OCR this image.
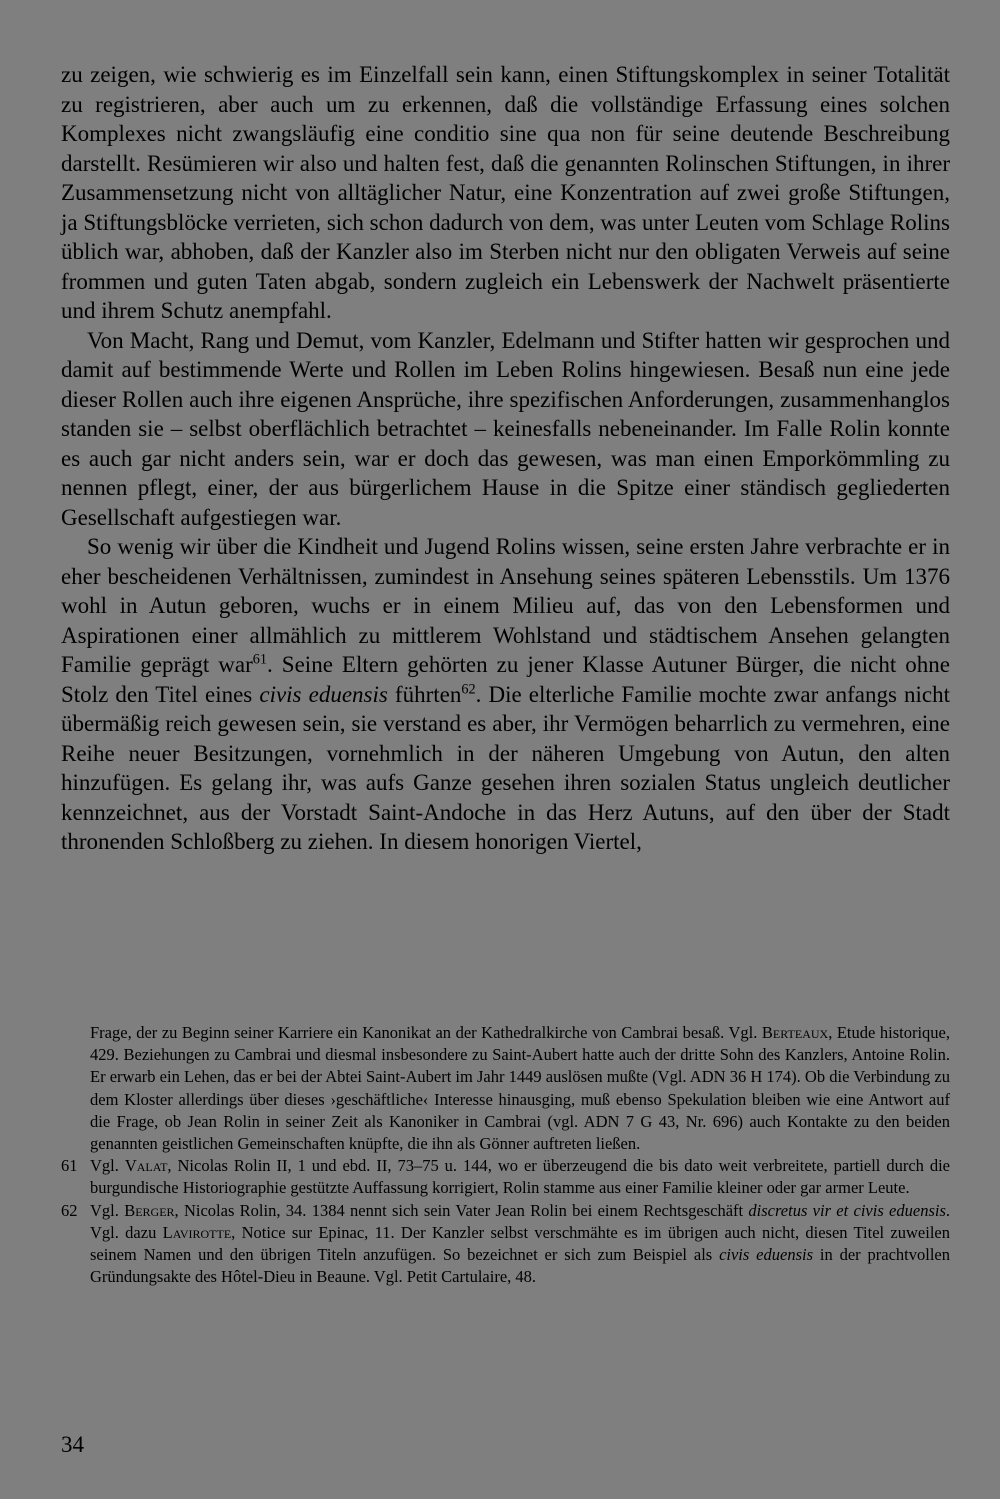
zu zeigen, wie schwierig es im Einzelfall sein kann, einen Stiftungskomplex in seiner Totalität zu registrieren, aber auch um zu erkennen, daß die vollständige Erfassung eines solchen Komplexes nicht zwangsläufig eine conditio sine qua non für seine deutende Beschreibung darstellt. Resümieren wir also und halten fest, daß die genannten Rolinschen Stiftungen, in ihrer Zusammensetzung nicht von alltäglicher Natur, eine Konzentration auf zwei große Stiftungen, ja Stiftungsblöcke verrieten, sich schon dadurch von dem, was unter Leuten vom Schlage Rolins üblich war, abhoben, daß der Kanzler also im Sterben nicht nur den obligaten Verweis auf seine frommen und guten Taten abgab, sondern zugleich ein Lebenswerk der Nachwelt präsentierte und ihrem Schutz anempfahl.

Von Macht, Rang und Demut, vom Kanzler, Edelmann und Stifter hatten wir gesprochen und damit auf bestimmende Werte und Rollen im Leben Rolins hingewiesen. Besaß nun eine jede dieser Rollen auch ihre eigenen Ansprüche, ihre spezifischen Anforderungen, zusammenhanglos standen sie – selbst oberflächlich betrachtet – keinesfalls nebeneinander. Im Falle Rolin konnte es auch gar nicht anders sein, war er doch das gewesen, was man einen Emporkömmling zu nennen pflegt, einer, der aus bürgerlichem Hause in die Spitze einer ständisch gegliederten Gesellschaft aufgestiegen war.

So wenig wir über die Kindheit und Jugend Rolins wissen, seine ersten Jahre verbrachte er in eher bescheidenen Verhältnissen, zumindest in Ansehung seines späteren Lebensstils. Um 1376 wohl in Autun geboren, wuchs er in einem Milieu auf, das von den Lebensformen und Aspirationen einer allmählich zu mittlerem Wohlstand und städtischem Ansehen gelangten Familie geprägt war$^{61}$. Seine Eltern gehörten zu jener Klasse Autuner Bürger, die nicht ohne Stolz den Titel eines civis eduensis führten$^{62}$. Die elterliche Familie mochte zwar anfangs nicht übermäßig reich gewesen sein, sie verstand es aber, ihr Vermögen beharrlich zu vermehren, eine Reihe neuer Besitzungen, vornehmlich in der näheren Umgebung von Autun, den alten hinzufügen. Es gelang ihr, was aufs Ganze gesehen ihren sozialen Status ungleich deutlicher kennzeichnet, aus der Vorstadt Saint-Andoche in das Herz Autuns, auf den über der Stadt thronenden Schloßberg zu ziehen. In diesem honorigen Viertel,

Frage, der zu Beginn seiner Karriere ein Kanonikat an der Kathedralkirche von Cambrai besaß. Vgl. Berteaux, Etude historique, 429. Beziehungen zu Cambrai und diesmal insbesondere zu Saint-Aubert hatte auch der dritte Sohn des Kanzlers, Antoine Rolin. Er erwarb ein Lehen, das er bei der Abtei Saint-Aubert im Jahr 1449 auslösen mußte (Vgl. ADN 36 H 174). Ob die Verbindung zu dem Kloster allerdings über dieses ›geschäftliche‹ Interesse hinausging, muß ebenso Spekulation bleiben wie eine Antwort auf die Frage, ob Jean Rolin in seiner Zeit als Kanoniker in Cambrai (vgl. ADN 7 G 43, Nr. 696) auch Kontakte zu den beiden genannten geistlichen Gemeinschaften knüpfte, die ihn als Gönner auftreten ließen.

61 Vgl. Valat, Nicolas Rolin II, 1 und ebd. II, 73–75 u. 144, wo er überzeugend die bis dato weit verbreitete, partiell durch die burgundische Historiographie gestützte Auffassung korrigiert, Rolin stamme aus einer Familie kleiner oder gar armer Leute.

62 Vgl. Berger, Nicolas Rolin, 34. 1384 nennt sich sein Vater Jean Rolin bei einem Rechtsgeschäft discretus vir et civis eduensis. Vgl. dazu Lavirotte, Notice sur Epinac, 11. Der Kanzler selbst verschmähte es im übrigen auch nicht, diesen Titel zuweilen seinem Namen und den übrigen Titeln anzufügen. So bezeichnet er sich zum Beispiel als civis eduensis in der prachtvollen Gründungsakte des Hôtel-Dieu in Beaune. Vgl. Petit Cartulaire, 48.

34
